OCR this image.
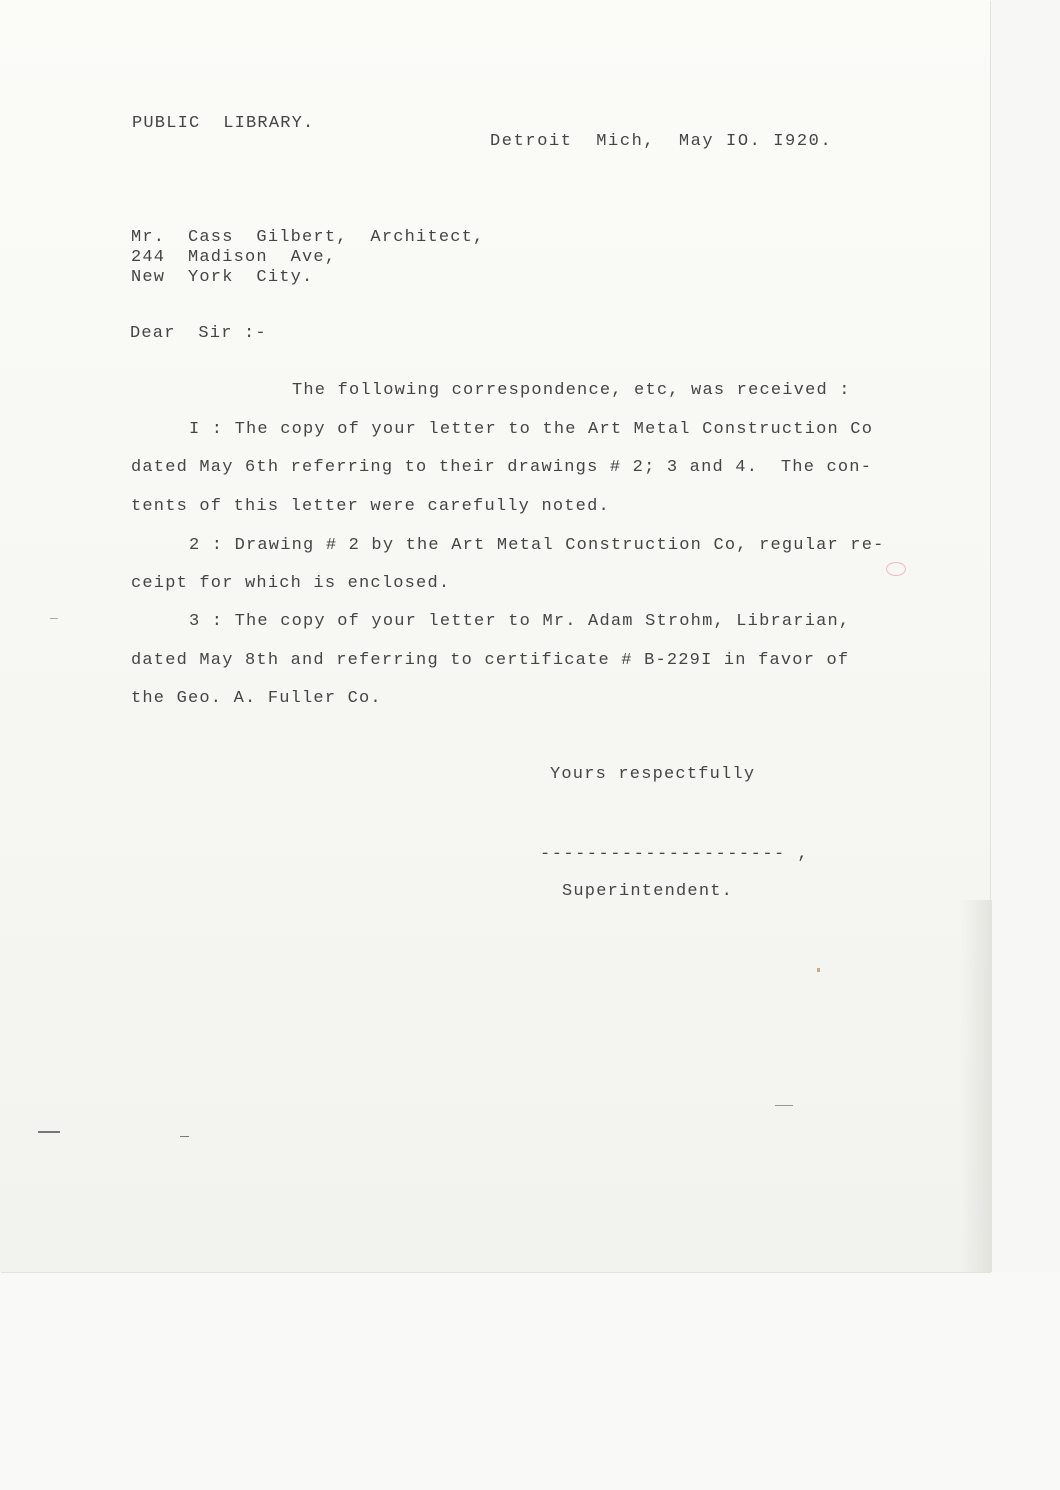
PUBLIC  LIBRARY.
Detroit  Mich,  May IO. I920.
Mr.  Cass  Gilbert,  Architect,
244  Madison  Ave,
New  York  City.
Dear  Sir :-
The following correspondence, etc, was received :
I : The copy of your letter to the Art Metal Construction Co
dated May 6th referring to their drawings # 2; 3 and 4.  The con-
tents of this letter were carefully noted.
2 : Drawing # 2 by the Art Metal Construction Co, regular re-
ceipt for which is enclosed.
3 : The copy of your letter to Mr. Adam Strohm, Librarian,
dated May 8th and referring to certificate # B-229I in favor of
the Geo. A. Fuller Co.
Yours respectfully
--------------------- ,
Superintendent.
